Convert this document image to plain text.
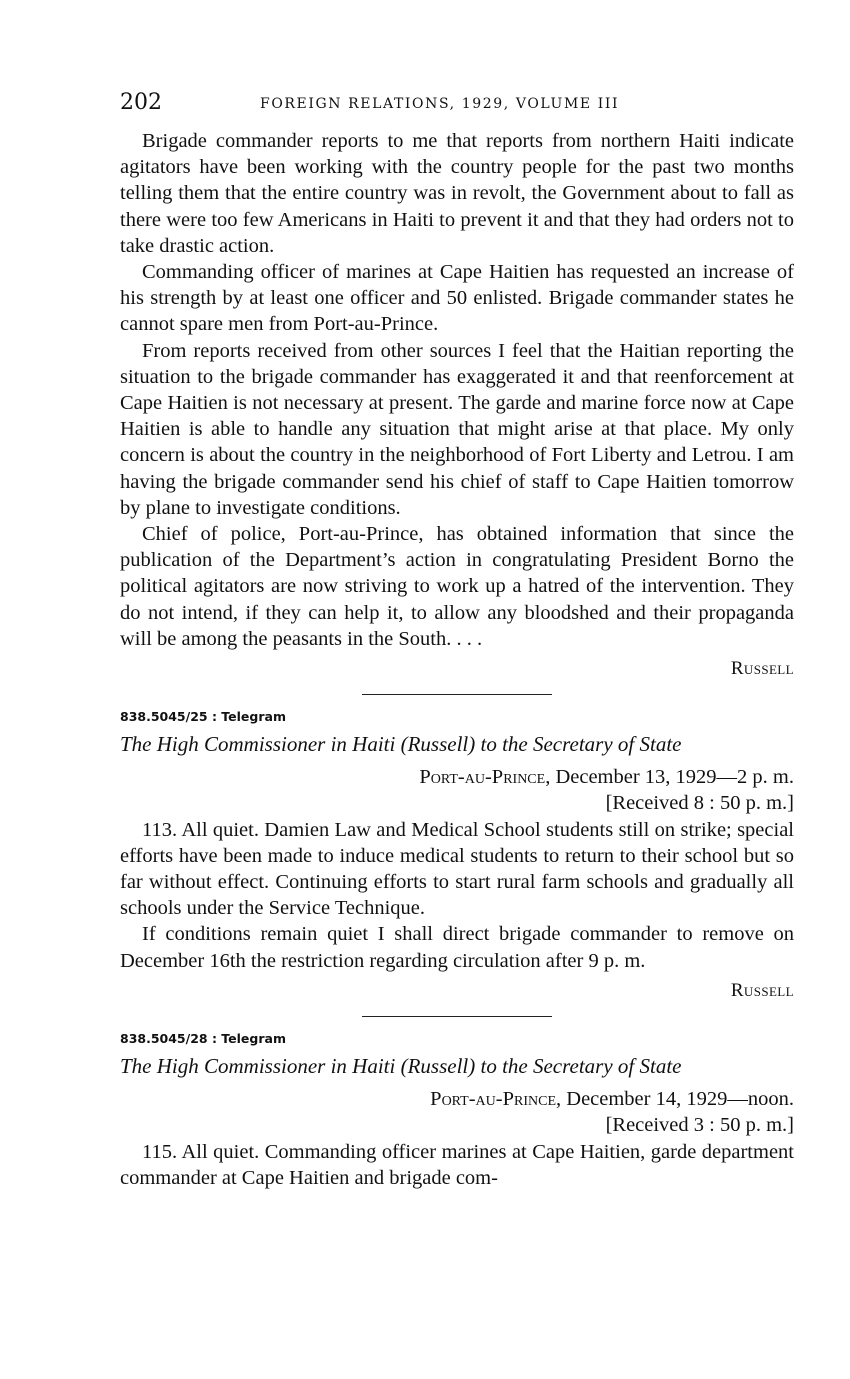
202	FOREIGN RELATIONS, 1929, VOLUME III

Brigade commander reports to me that reports from northern Haiti indicate agitators have been working with the country people for the past two months telling them that the entire country was in revolt, the Government about to fall as there were too few Americans in Haiti to prevent it and that they had orders not to take drastic action.

Commanding officer of marines at Cape Haitien has requested an increase of his strength by at least one officer and 50 enlisted. Brigade commander states he cannot spare men from Port-au-Prince.

From reports received from other sources I feel that the Haitian reporting the situation to the brigade commander has exaggerated it and that reenforcement at Cape Haitien is not necessary at present. The garde and marine force now at Cape Haitien is able to handle any situation that might arise at that place. My only concern is about the country in the neighborhood of Fort Liberty and Letrou. I am having the brigade commander send his chief of staff to Cape Haitien tomorrow by plane to investigate conditions.

Chief of police, Port-au-Prince, has obtained information that since the publication of the Department’s action in congratulating President Borno the political agitators are now striving to work up a hatred of the intervention. They do not intend, if they can help it, to allow any bloodshed and their propaganda will be among the peasants in the South. . . .

Russell

838.5045/25 : Telegram

The High Commissioner in Haiti (Russell) to the Secretary of State

Port-au-Prince, December 13, 1929—2 p. m.

[Received 8 : 50 p. m.]

113. All quiet. Damien Law and Medical School students still on strike; special efforts have been made to induce medical students to return to their school but so far without effect. Continuing efforts to start rural farm schools and gradually all schools under the Service Technique.

If conditions remain quiet I shall direct brigade commander to remove on December 16th the restriction regarding circulation after 9 p. m.

Russell

838.5045/28 : Telegram

The High Commissioner in Haiti (Russell) to the Secretary of State

Port-au-Prince, December 14, 1929—noon.

[Received 3 : 50 p. m.]

115. All quiet. Commanding officer marines at Cape Haitien, garde department commander at Cape Haitien and brigade com-
